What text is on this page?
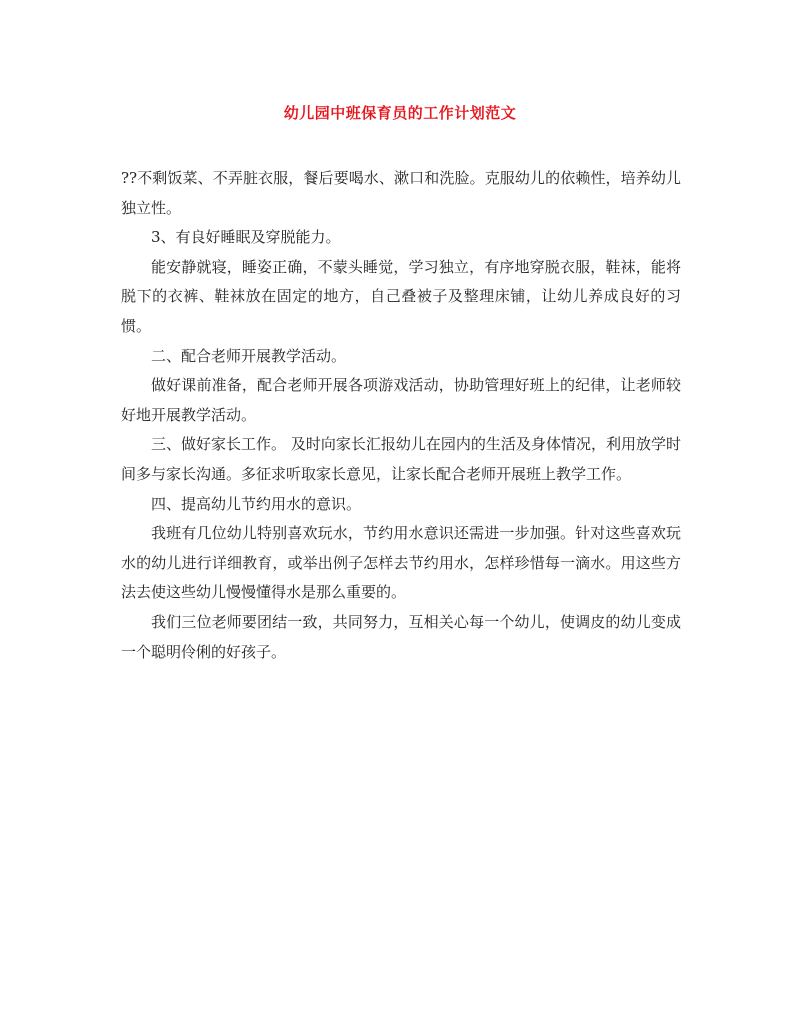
幼儿园中班保育员的工作计划范文

??不剩饭菜、不弄脏衣服，餐后要喝水、漱口和洗脸。克服幼儿的依赖性，培养幼儿独立性。

3、有良好睡眠及穿脱能力。

能安静就寝，睡姿正确，不蒙头睡觉，学习独立，有序地穿脱衣服，鞋袜，能将脱下的衣裤、鞋袜放在固定的地方，自己叠被子及整理床铺，让幼儿养成良好的习惯。

二、配合老师开展教学活动。

做好课前准备，配合老师开展各项游戏活动，协助管理好班上的纪律，让老师较好地开展教学活动。

三、做好家长工作。 及时向家长汇报幼儿在园内的生活及身体情况，利用放学时间多与家长沟通。多征求听取家长意见，让家长配合老师开展班上教学工作。

四、提高幼儿节约用水的意识。

我班有几位幼儿特别喜欢玩水，节约用水意识还需进一步加强。针对这些喜欢玩水的幼儿进行详细教育，或举出例子怎样去节约用水，怎样珍惜每一滴水。用这些方法去使这些幼儿慢慢懂得水是那么重要的。

我们三位老师要团结一致，共同努力，互相关心每一个幼儿，使调皮的幼儿变成一个聪明伶俐的好孩子。
